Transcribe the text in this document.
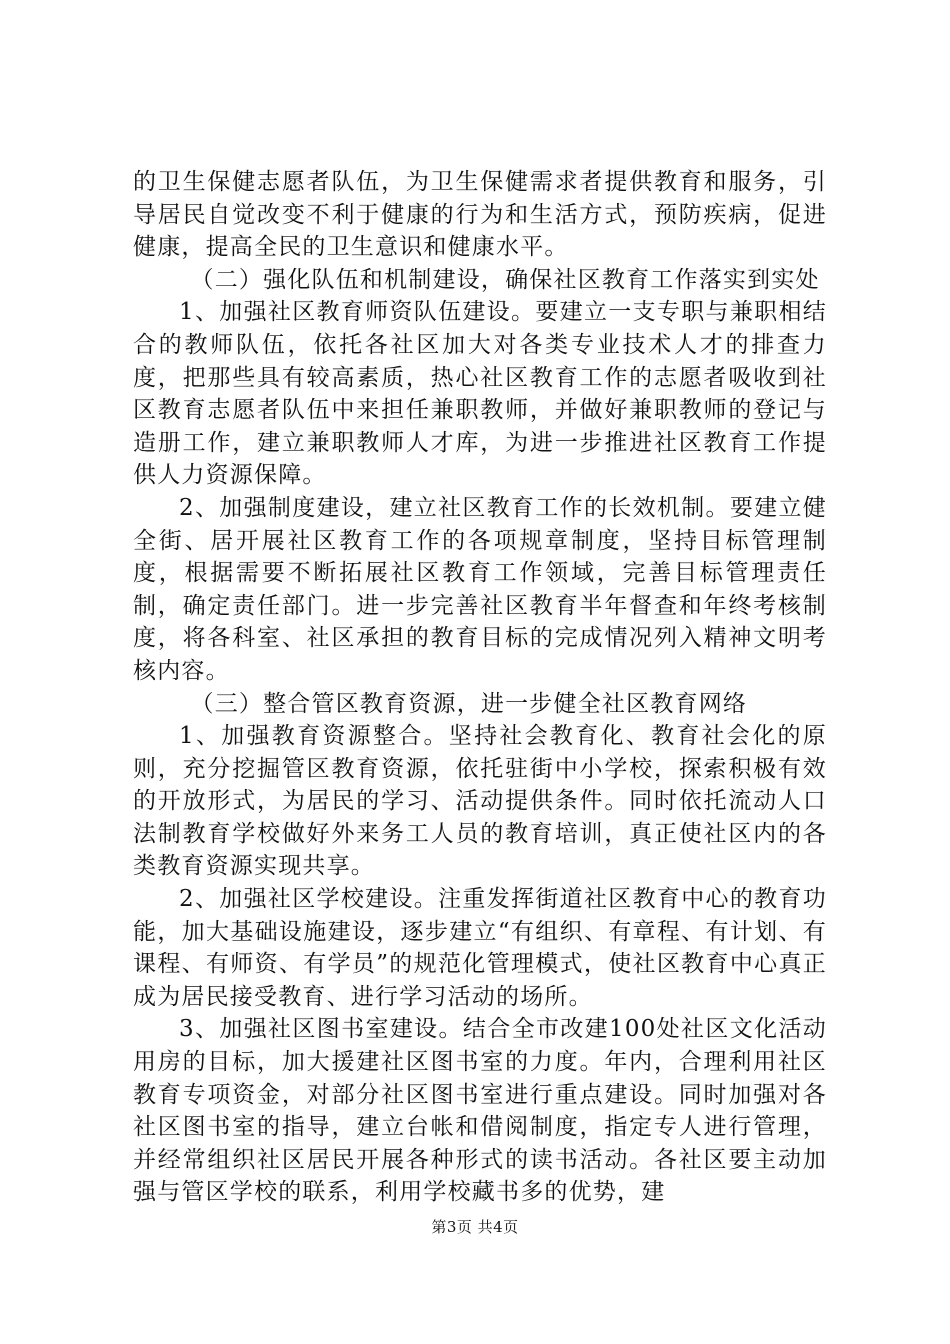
的卫生保健志愿者队伍，为卫生保健需求者提供教育和服务，引导居民自觉改变不利于健康的行为和生活方式，预防疾病，促进健康，提高全民的卫生意识和健康水平。

（二）强化队伍和机制建设，确保社区教育工作落实到实处

1、加强社区教育师资队伍建设。要建立一支专职与兼职相结合的教师队伍，依托各社区加大对各类专业技术人才的排查力度，把那些具有较高素质，热心社区教育工作的志愿者吸收到社区教育志愿者队伍中来担任兼职教师，并做好兼职教师的登记与造册工作，建立兼职教师人才库，为进一步推进社区教育工作提供人力资源保障。

2、加强制度建设，建立社区教育工作的长效机制。要建立健全街、居开展社区教育工作的各项规章制度，坚持目标管理制度，根据需要不断拓展社区教育工作领域，完善目标管理责任制，确定责任部门。进一步完善社区教育半年督查和年终考核制度，将各科室、社区承担的教育目标的完成情况列入精神文明考核内容。

（三）整合管区教育资源，进一步健全社区教育网络

1、加强教育资源整合。坚持社会教育化、教育社会化的原则，充分挖掘管区教育资源，依托驻街中小学校，探索积极有效的开放形式，为居民的学习、活动提供条件。同时依托流动人口法制教育学校做好外来务工人员的教育培训，真正使社区内的各类教育资源实现共享。

2、加强社区学校建设。注重发挥街道社区教育中心的教育功能，加大基础设施建设，逐步建立“有组织、有章程、有计划、有课程、有师资、有学员”的规范化管理模式，使社区教育中心真正成为居民接受教育、进行学习活动的场所。

3、加强社区图书室建设。结合全市改建100处社区文化活动用房的目标，加大援建社区图书室的力度。年内，合理利用社区教育专项资金，对部分社区图书室进行重点建设。同时加强对各社区图书室的指导，建立台帐和借阅制度，指定专人进行管理，并经常组织社区居民开展各种形式的读书活动。各社区要主动加强与管区学校的联系，利用学校藏书多的优势，建

第3页 共4页
